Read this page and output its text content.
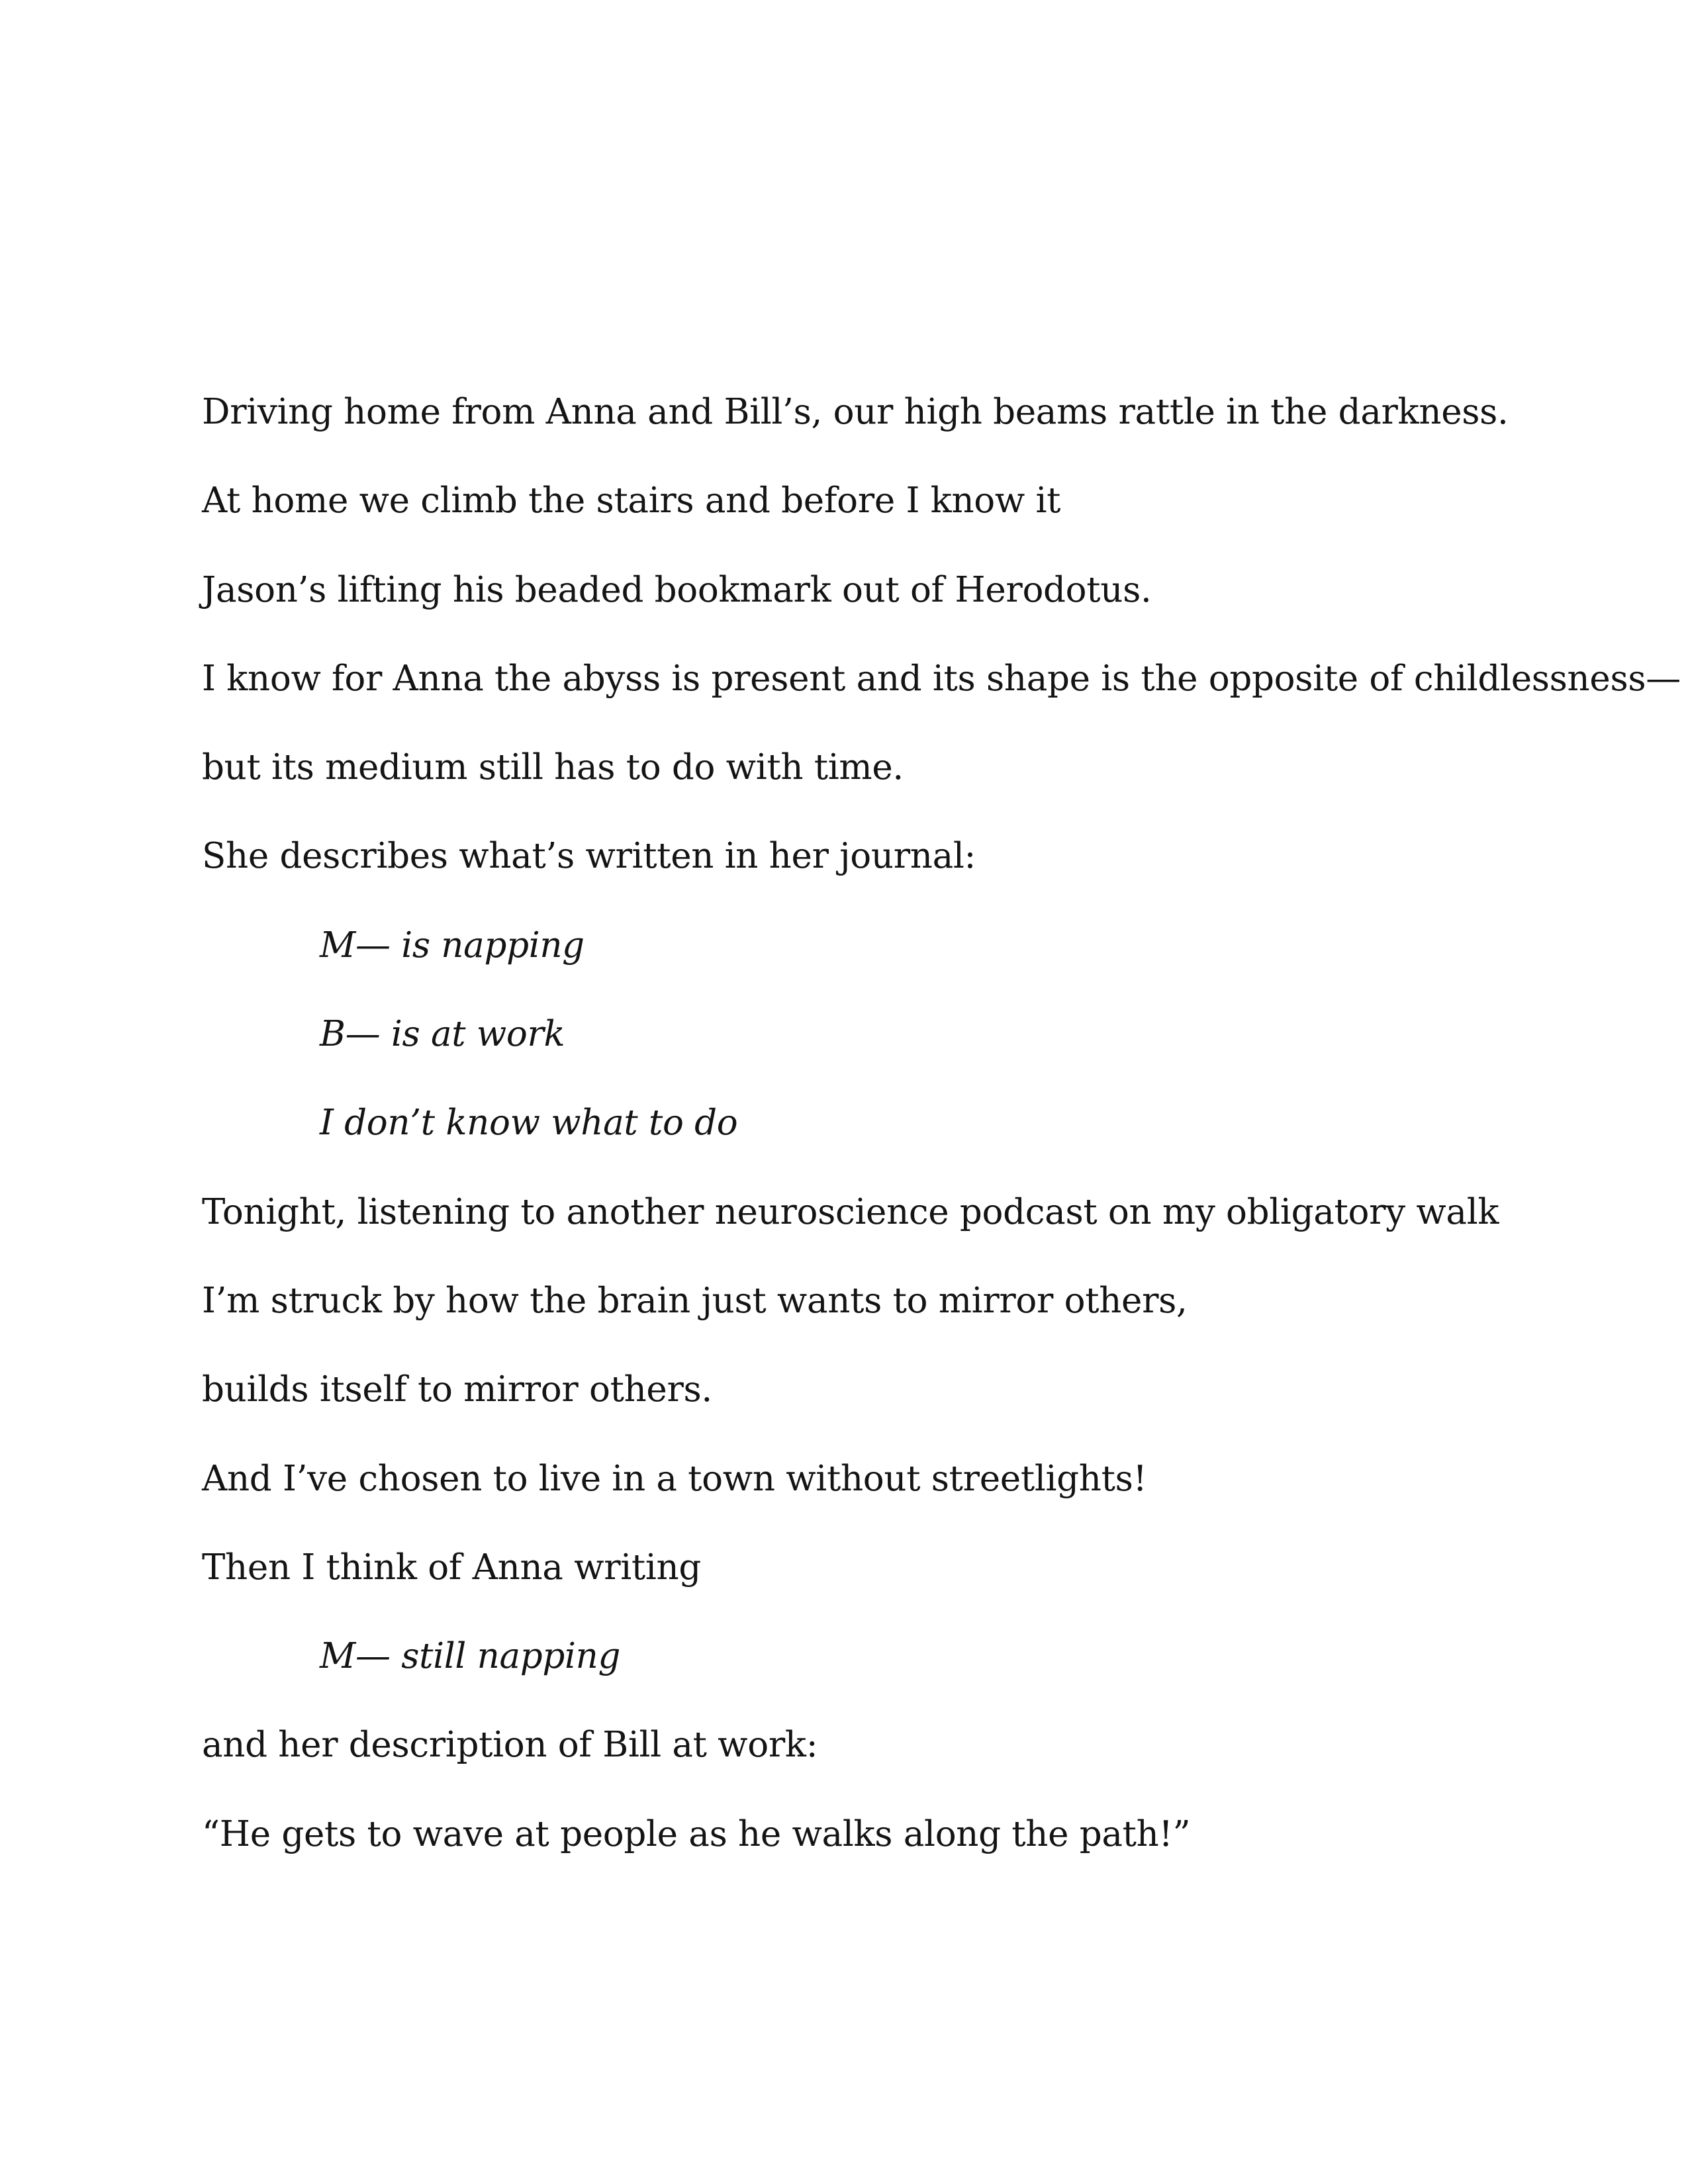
Driving home from Anna and Bill’s, our high beams rattle in the darkness.
At home we climb the stairs and before I know it
Jason’s lifting his beaded bookmark out of Herodotus.
I know for Anna the abyss is present and its shape is the opposite of childlessness—
but its medium still has to do with time.
She describes what’s written in her journal:
M— is napping
B— is at work
I don’t know what to do
Tonight, listening to another neuroscience podcast on my obligatory walk
I’m struck by how the brain just wants to mirror others,
builds itself to mirror others.
And I’ve chosen to live in a town without streetlights!
Then I think of Anna writing
M— still napping
and her description of Bill at work:
“He gets to wave at people as he walks along the path!”
